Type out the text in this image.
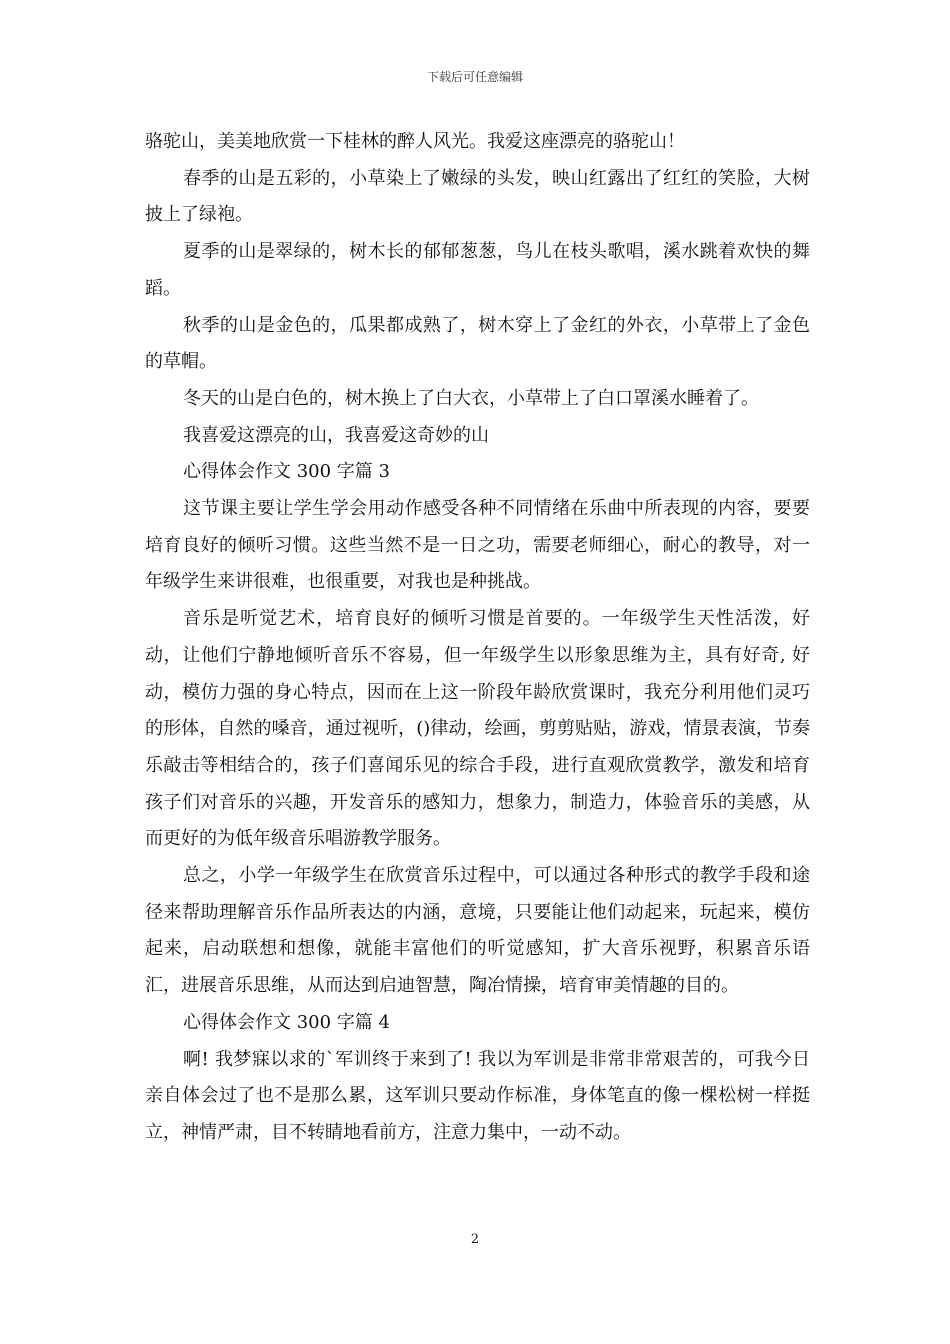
下载后可任意编辑

骆驼山，美美地欣赏一下桂林的醉人风光。我爱这座漂亮的骆驼山！

春季的山是五彩的，小草染上了嫩绿的头发，映山红露出了红红的笑脸，大树披上了绿袍。

夏季的山是翠绿的，树木长的郁郁葱葱，鸟儿在枝头歌唱，溪水跳着欢快的舞蹈。

秋季的山是金色的，瓜果都成熟了，树木穿上了金红的外衣，小草带上了金色的草帽。

冬天的山是白色的，树木换上了白大衣，小草带上了白口罩溪水睡着了。

我喜爱这漂亮的山，我喜爱这奇妙的山

心得体会作文 300 字篇 3

这节课主要让学生学会用动作感受各种不同情绪在乐曲中所表现的内容，要要培育良好的倾听习惯。这些当然不是一日之功，需要老师细心，耐心的教导，对一年级学生来讲很难，也很重要，对我也是种挑战。

音乐是听觉艺术，培育良好的倾听习惯是首要的。一年级学生天性活泼，好动，让他们宁静地倾听音乐不容易，但一年级学生以形象思维为主，具有好奇, 好动，模仿力强的身心特点，因而在上这一阶段年龄欣赏课时，我充分利用他们灵巧的形体，自然的嗓音，通过视听，()律动，绘画，剪剪贴贴，游戏，情景表演，节奏乐敲击等相结合的，孩子们喜闻乐见的综合手段，进行直观欣赏教学，激发和培育孩子们对音乐的兴趣，开发音乐的感知力，想象力，制造力，体验音乐的美感，从而更好的为低年级音乐唱游教学服务。

总之，小学一年级学生在欣赏音乐过程中，可以通过各种形式的教学手段和途径来帮助理解音乐作品所表达的内涵，意境，只要能让他们动起来，玩起来，模仿起来，启动联想和想像，就能丰富他们的听觉感知，扩大音乐视野，积累音乐语汇，进展音乐思维，从而达到启迪智慧，陶冶情操，培育审美情趣的目的。

心得体会作文 300 字篇 4

啊! 我梦寐以求的`军训终于来到了! 我以为军训是非常非常艰苦的，可我今日亲自体会过了也不是那么累，这军训只要动作标准，身体笔直的像一棵松树一样挺立，神情严肃，目不转睛地看前方，注意力集中，一动不动。

2
